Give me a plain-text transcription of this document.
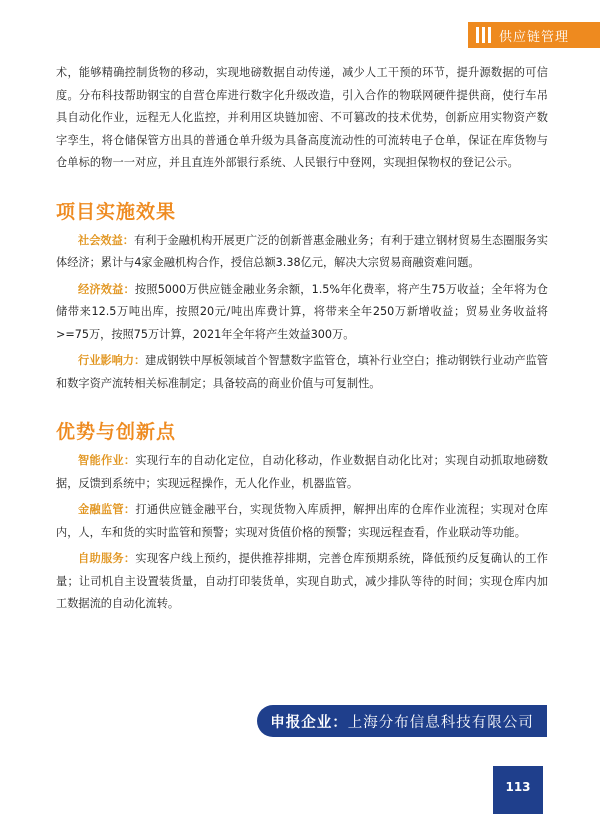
供应链管理

术，能够精确控制货物的移动，实现地磅数据自动传递，减少人工干预的环节，提升源数据的可信度。分布科技帮助钢宝的自营仓库进行数字化升级改造，引入合作的物联网硬件提供商，使行车吊具自动化作业，远程无人化监控，并利用区块链加密、不可篡改的技术优势，创新应用实物资产数字孪生，将仓储保管方出具的普通仓单升级为具备高度流动性的可流转电子仓单，保证在库货物与仓单标的物一一对应，并且直连外部银行系统、人民银行中登网，实现担保物权的登记公示。

项目实施效果

社会效益：有利于金融机构开展更广泛的创新普惠金融业务；有利于建立钢材贸易生态圈服务实体经济；累计与4家金融机构合作，授信总额3.38亿元，解决大宗贸易商融资难问题。

经济效益：按照5000万供应链金融业务余额，1.5%年化费率，将产生75万收益；全年将为仓储带来12.5万吨出库，按照20元/吨出库费计算，将带来全年250万新增收益；贸易业务收益将>=75万，按照75万计算，2021年全年将产生效益300万。

行业影响力：建成钢铁中厚板领域首个智慧数字监管仓，填补行业空白；推动钢铁行业动产监管和数字资产流转相关标准制定；具备较高的商业价值与可复制性。

优势与创新点

智能作业：实现行车的自动化定位，自动化移动，作业数据自动化比对；实现自动抓取地磅数据，反馈到系统中；实现远程操作，无人化作业，机器监管。

金融监管：打通供应链金融平台，实现货物入库质押，解押出库的仓库作业流程；实现对仓库内，人，车和货的实时监管和预警；实现对货值价格的预警；实现远程查看，作业联动等功能。

自助服务：实现客户线上预约，提供推荐排期，完善仓库预期系统，降低预约反复确认的工作量；让司机自主设置装货量，自动打印装货单，实现自助式，减少排队等待的时间；实现仓库内加工数据流的自动化流转。

申报企业： 上海分布信息科技有限公司
113
